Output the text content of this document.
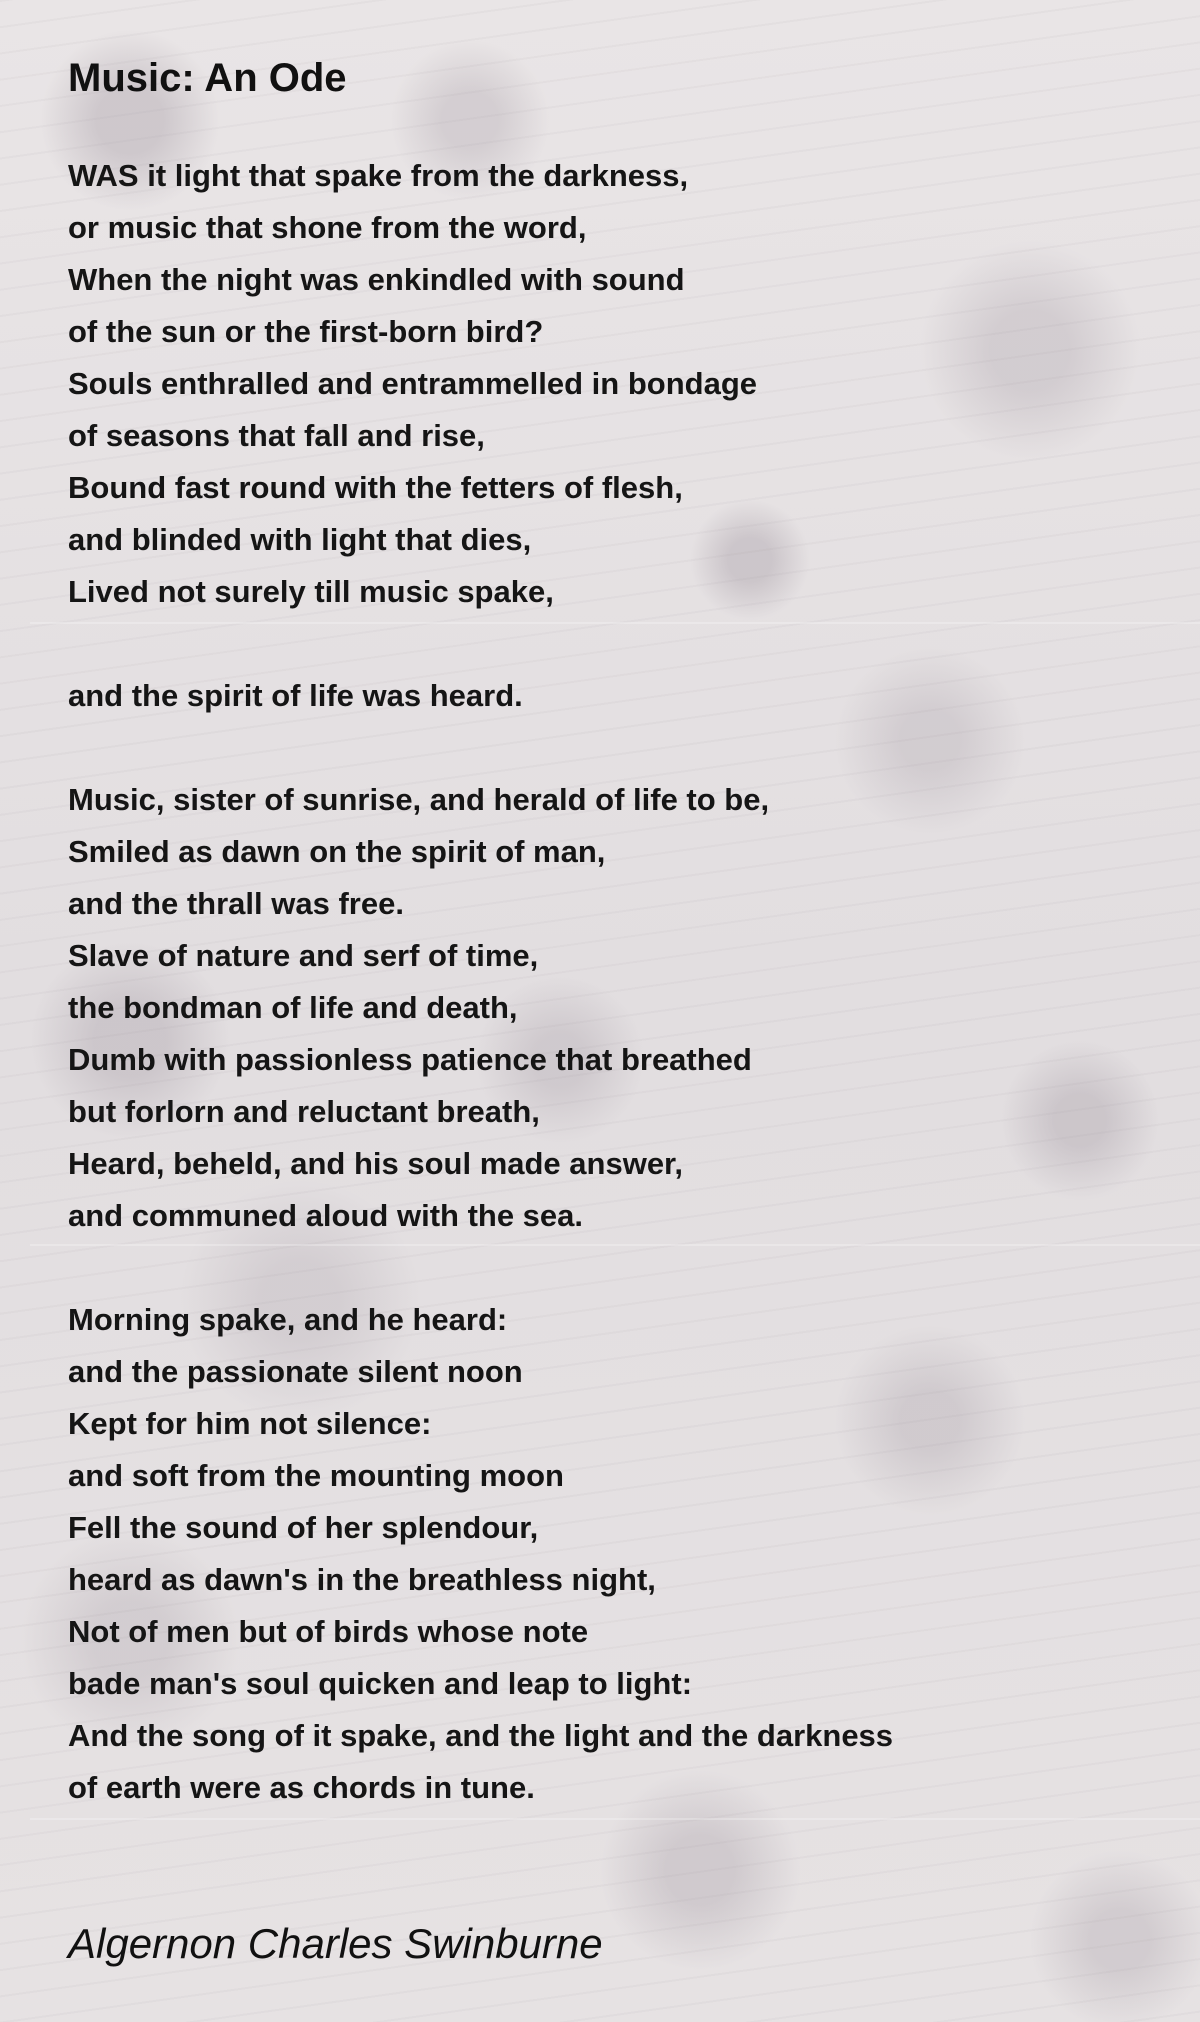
Music: An Ode
WAS it light that spake from the darkness,
or music that shone from the word,
When the night was enkindled with sound
of the sun or the first-born bird?
Souls enthralled and entrammelled in bondage
of seasons that fall and rise,
Bound fast round with the fetters of flesh,
and blinded with light that dies,
Lived not surely till music spake,
and the spirit of life was heard.
Music, sister of sunrise, and herald of life to be,
Smiled as dawn on the spirit of man,
and the thrall was free.
Slave of nature and serf of time,
the bondman of life and death,
Dumb with passionless patience that breathed
but forlorn and reluctant breath,
Heard, beheld, and his soul made answer,
and communed aloud with the sea.
Morning spake, and he heard:
and the passionate silent noon
Kept for him not silence:
and soft from the mounting moon
Fell the sound of her splendour,
heard as dawn's in the breathless night,
Not of men but of birds whose note
bade man's soul quicken and leap to light:
And the song of it spake, and the light and the darkness
of earth were as chords in tune.
Algernon Charles Swinburne
